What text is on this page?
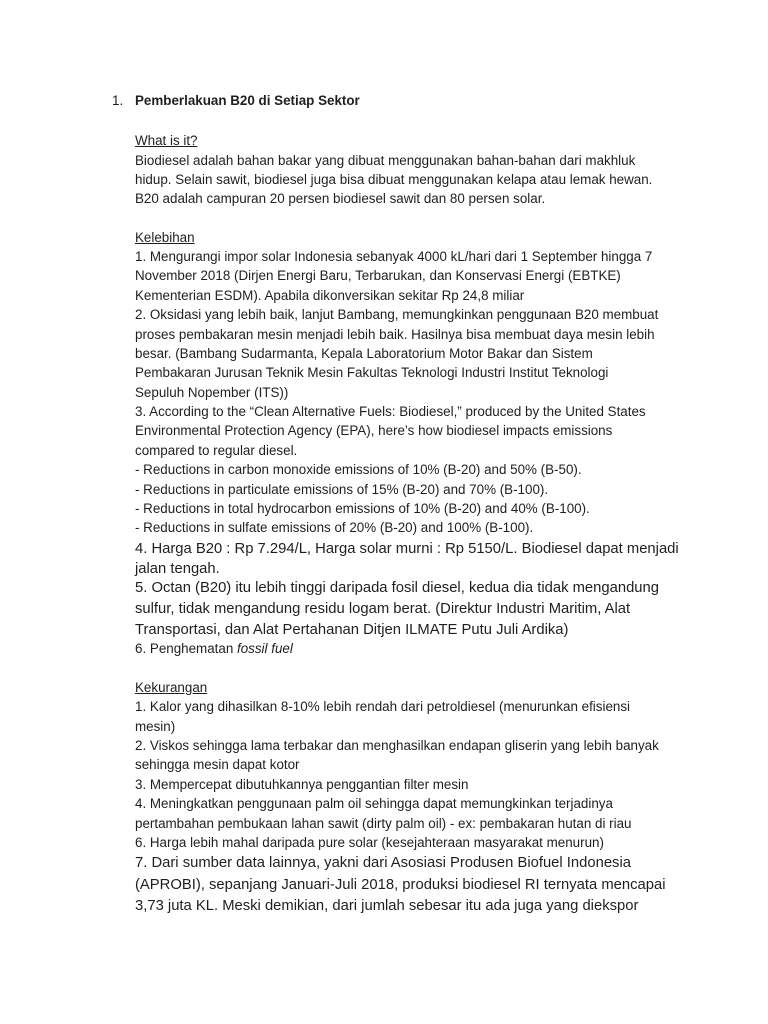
1. Pemberlakuan B20 di Setiap Sektor
What is it?
Biodiesel adalah bahan bakar yang dibuat menggunakan bahan-bahan dari makhluk
hidup. Selain sawit, biodiesel juga bisa dibuat menggunakan kelapa atau lemak hewan.
B20 adalah campuran 20 persen biodiesel sawit dan 80 persen solar.
Kelebihan
1. Mengurangi impor solar Indonesia sebanyak 4000 kL/hari dari 1 September hingga 7
November 2018 (Dirjen Energi Baru, Terbarukan, dan Konservasi Energi (EBTKE)
Kementerian ESDM). Apabila dikonversikan sekitar Rp 24,8 miliar
2. Oksidasi yang lebih baik, lanjut Bambang, memungkinkan penggunaan B20 membuat
proses pembakaran mesin menjadi lebih baik. Hasilnya bisa membuat daya mesin lebih
besar. (Bambang Sudarmanta, Kepala Laboratorium Motor Bakar dan Sistem
Pembakaran Jurusan Teknik Mesin Fakultas Teknologi Industri Institut Teknologi
Sepuluh Nopember (ITS))
3. According to the “Clean Alternative Fuels: Biodiesel,” produced by the United States
Environmental Protection Agency (EPA), here’s how biodiesel impacts emissions
compared to regular diesel.
- Reductions in carbon monoxide emissions of 10% (B-20) and 50% (B-50).
- Reductions in particulate emissions of 15% (B-20) and 70% (B-100).
- Reductions in total hydrocarbon emissions of 10% (B-20) and 40% (B-100).
- Reductions in sulfate emissions of 20% (B-20) and 100% (B-100).
4. Harga B20 : Rp 7.294/L, Harga solar murni : Rp 5150/L. Biodiesel dapat menjadi
jalan tengah.
5. Octan (B20) itu lebih tinggi daripada fosil diesel, kedua dia tidak mengandung
sulfur, tidak mengandung residu logam berat. (Direktur Industri Maritim, Alat
Transportasi, dan Alat Pertahanan Ditjen ILMATE Putu Juli Ardika)
6. Penghematan fossil fuel
Kekurangan
1. Kalor yang dihasilkan 8-10% lebih rendah dari petroldiesel (menurunkan efisiensi
mesin)
2. Viskos sehingga lama terbakar dan menghasilkan endapan gliserin yang lebih banyak
sehingga mesin dapat kotor
3. Mempercepat dibutuhkannya penggantian filter mesin
4. Meningkatkan penggunaan palm oil sehingga dapat memungkinkan terjadinya
pertambahan pembukaan lahan sawit (dirty palm oil) - ex: pembakaran hutan di riau
6. Harga lebih mahal daripada pure solar (kesejahteraan masyarakat menurun)
7. Dari sumber data lainnya, yakni dari Asosiasi Produsen Biofuel Indonesia
(APROBI), sepanjang Januari-Juli 2018, produksi biodiesel RI ternyata mencapai
3,73 juta KL. Meski demikian, dari jumlah sebesar itu ada juga yang diekspor
